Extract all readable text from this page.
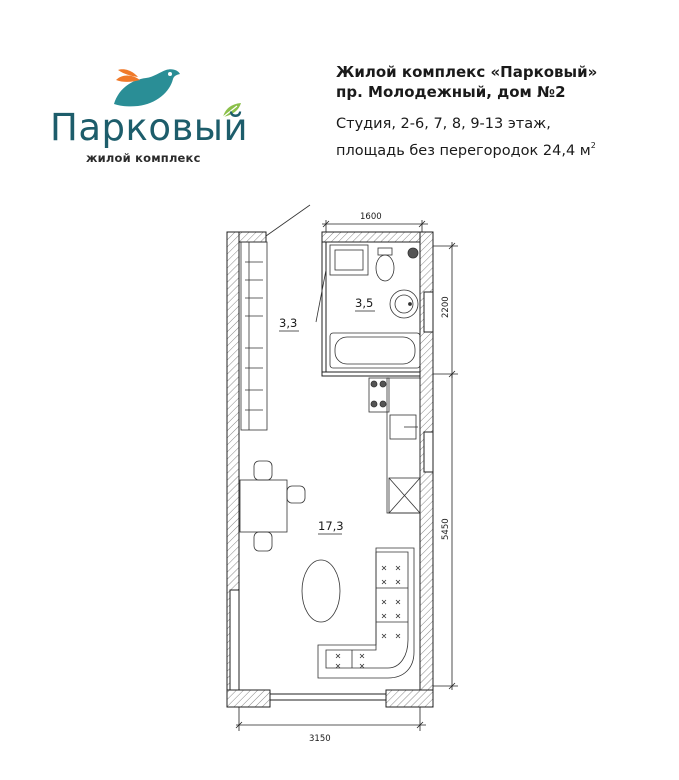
Парковый
жилой комплекс
Жилой комплекс «Парковый»
пр. Молодежный, дом №2
Студия, 2-6, 7, 8, 9-13 этаж,
площадь без перегородок 24,4 $м^2$
3,3
3,5
17,3
1600
2200
5450
3150
